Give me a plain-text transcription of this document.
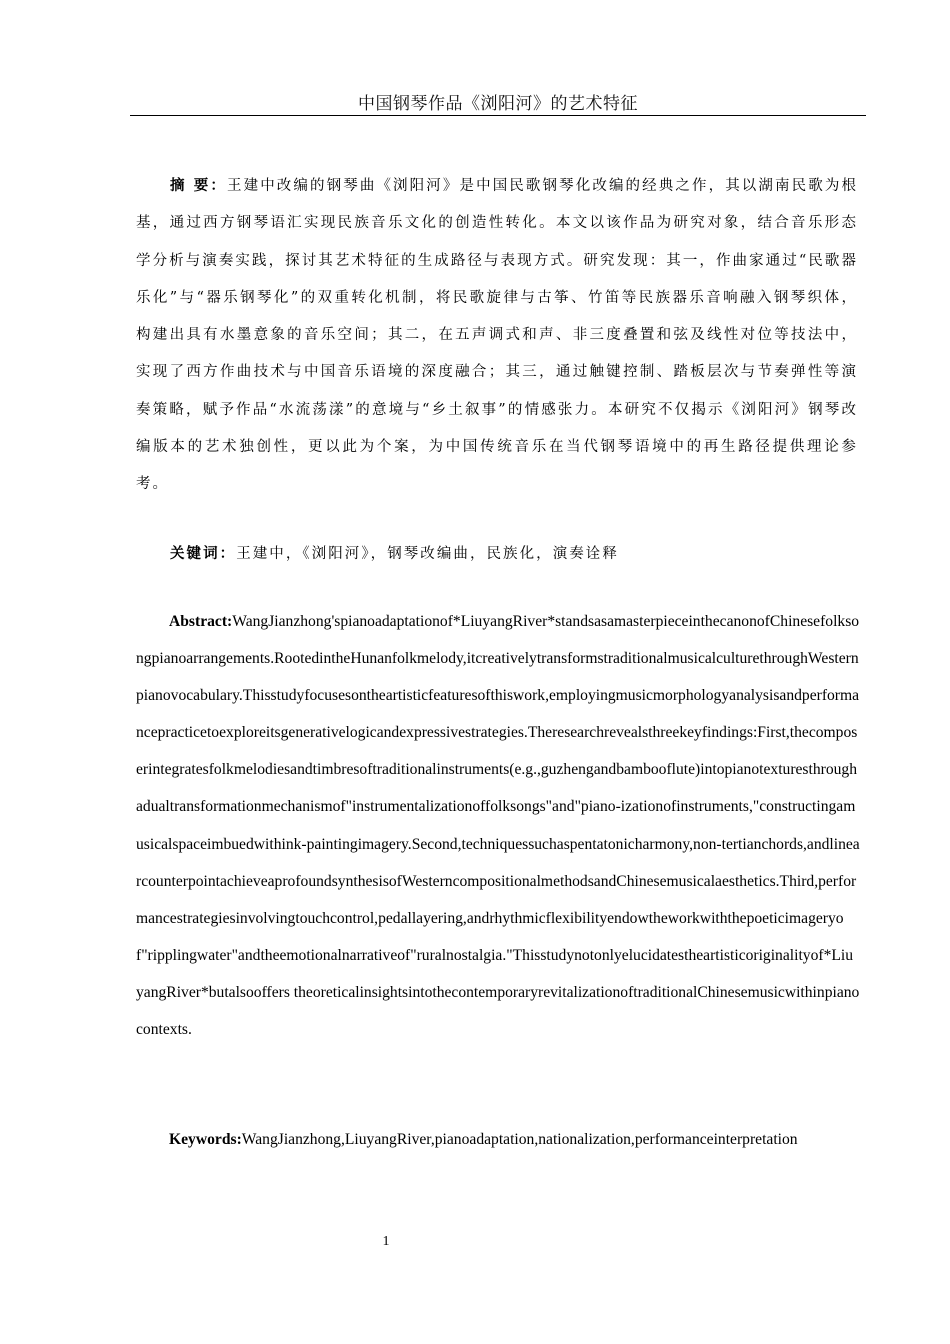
中国钢琴作品《浏阳河》的艺术特征

摘 要：王建中改编的钢琴曲《浏阳河》是中国民歌钢琴化改编的经典之作，其以湖南民歌为根基，通过西方钢琴语汇实现民族音乐文化的创造性转化。本文以该作品为研究对象，结合音乐形态学分析与演奏实践，探讨其艺术特征的生成路径与表现方式。研究发现：其一，作曲家通过“民歌器乐化”与“器乐钢琴化”的双重转化机制，将民歌旋律与古筝、竹笛等民族器乐音响融入钢琴织体，构建出具有水墨意象的音乐空间；其二，在五声调式和声、非三度叠置和弦及线性对位等技法中，实现了西方作曲技术与中国音乐语境的深度融合；其三，通过触键控制、踏板层次与节奏弹性等演奏策略，赋予作品“水流荡漾”的意境与“乡土叙事”的情感张力。本研究不仅揭示《浏阳河》钢琴改编版本的艺术独创性，更以此为个案，为中国传统音乐在当代钢琴语境中的再生路径提供理论参考。

关键词：王建中，《浏阳河》，钢琴改编曲，民族化，演奏诠释

Abstract:WangJianzhong'spianoadaptationof*LiuyangRiver*standsasamasterpieceinthecanonofChinesefolksongpianoarrangements.RootedintheHunanfolkmelody,itcreativelytransformstraditionalmusicalculturethroughWesternpianovocabulary.Thisstudyfocusesontheartisticfeaturesofthiswork,employingmusicmorphologyanalysisandperformancepracticetoexploreitsgenerativelogicandexpressivestrategies.Theresearchrevealsthreekeyfindings:First,thecomposerintegratesfolkmelodiesandtimbresoftraditionalinstruments(e.g.,guzhengandbambooflute)intopianotexturesthroughadualtransformationmechanismof"instrumentalizationoffolksongs"and"piano-izationofinstruments,"constructingamusicalspaceimbuedwithink-paintingimagery.Second,techniquessuchaspentatonicharmony,non-tertianchords,andlinearcounterpointachieveaprofoundsynthesisofWesterncompositionalmethodsandChinesemusicalaesthetics.Third,performancestrategiesinvolvingtouchcontrol,pedallayering,andrhythmicflexibilityendowtheworkwiththepoeticimageryof"ripplingwater"andtheemotionalnarrativeof"ruralnostalgia."Thisstudynotonlyelucidatestheartisticoriginalityof*LiuyangRiver*butalsooffers theoreticalinsightsintothecontemporaryrevitalizationoftraditionalChinesemusicwithinpianocontexts.

Keywords:WangJianzhong,LiuyangRiver,pianoadaptation,nationalization,performanceinterpretation

1
